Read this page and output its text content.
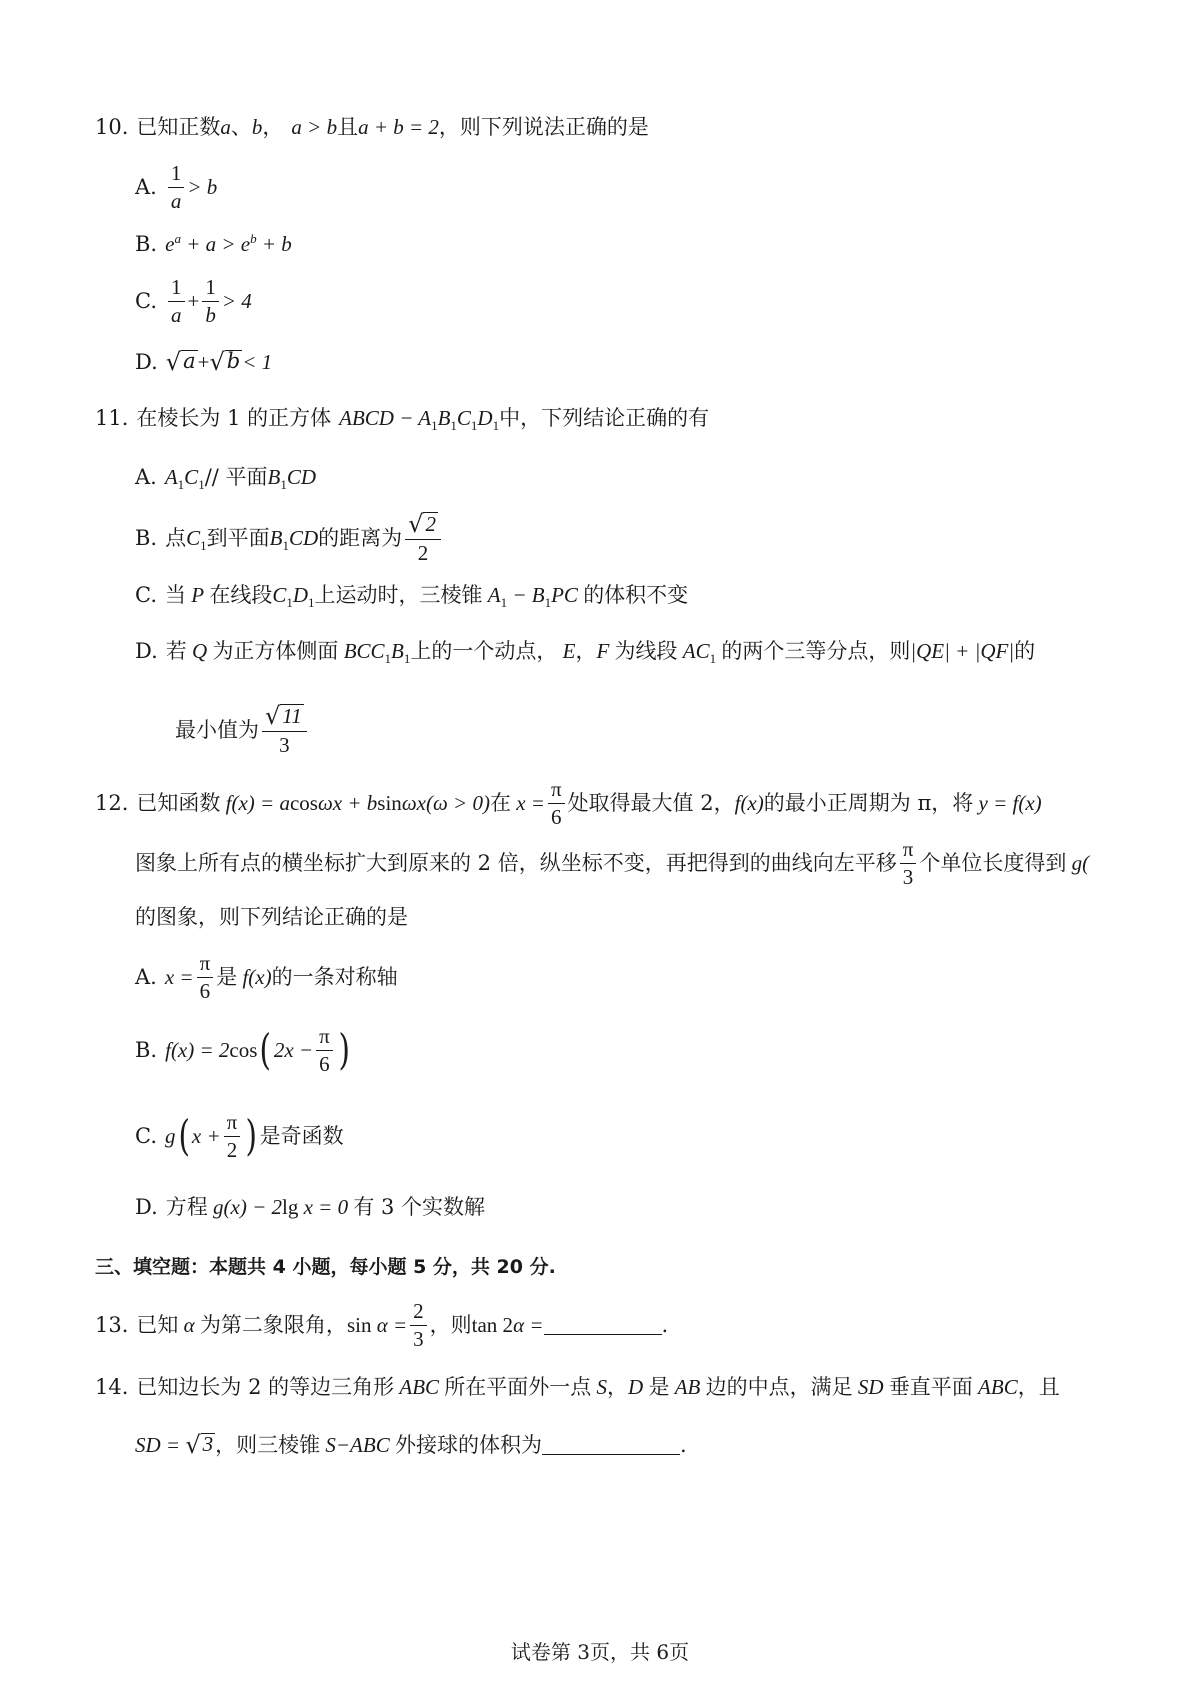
10. 已知正数 a 、 b ， a > b 且 a + b = 2 ，则下列说法正确的是
A. $\frac{1}{a} > b$
B. $e^a + a > e^b + b$
C. $\frac{1}{a} + \frac{1}{b} > 4$
D. √ a + √ b < 1
11. 在棱长为 1 的正方体 ABCD − $A_1B_1C_1D_1$ 中，下列结论正确的有
A. $A_1C_1$ // 平面 $B_1CD$
B. 点 $C_1$ 到平面 $B_1CD$ 的距离为 $\frac{√ 2}{2}$
C. 当 P 在线段 $C_1D_1$ 上运动时，三棱锥 $A_1 - B_1PC$ 的体积不变
D. 若 Q 为正方体侧面 $BCC_1B_1$ 上的一个动点， E ， F 为线段 $AC_1$ 的两个三等分点，则 |QE| + |QF| 的
最小值为 $\frac{√ 11}{3}$
12. 已知函数 f(x) = a cos ωx + b sin ωx(ω > 0) 在 $x = \frac{\pi}{6}$ 处取得最大值 2， f(x) 的最小正周期为 π，将 y = f(x)
图象上所有点的横坐标扩大到原来的 2 倍，纵坐标不变，再把得到的曲线向左平移 $\frac{\pi}{3}$ 个单位长度得到 g(
的图象，则下列结论正确的是
A. $x = \frac{\pi}{6}$ 是 f(x) 的一条对称轴
B. f(x) = 2 cos ( $2x - \frac{\pi}{6}$ )
C. g ( $x + \frac{\pi}{2}$ ) 是奇函数
D. 方程 g(x) − 2 lg x = 0 有 3 个实数解
三、填空题：本题共 4 小题，每小题 5 分，共 20 分.
13. 已知 α 为第二象限角， $\sin \alpha = \frac{2}{3}$ ，则 tan 2 α =	.
14. 已知边长为 2 的等边三角形 ABC 所在平面外一点 S ， D 是 AB 边的中点，满足 SD 垂直平面 ABC ，且
SD = √ 3 ，则三棱锥 S−ABC 外接球的体积为	.
试卷第 3页，共 6页
